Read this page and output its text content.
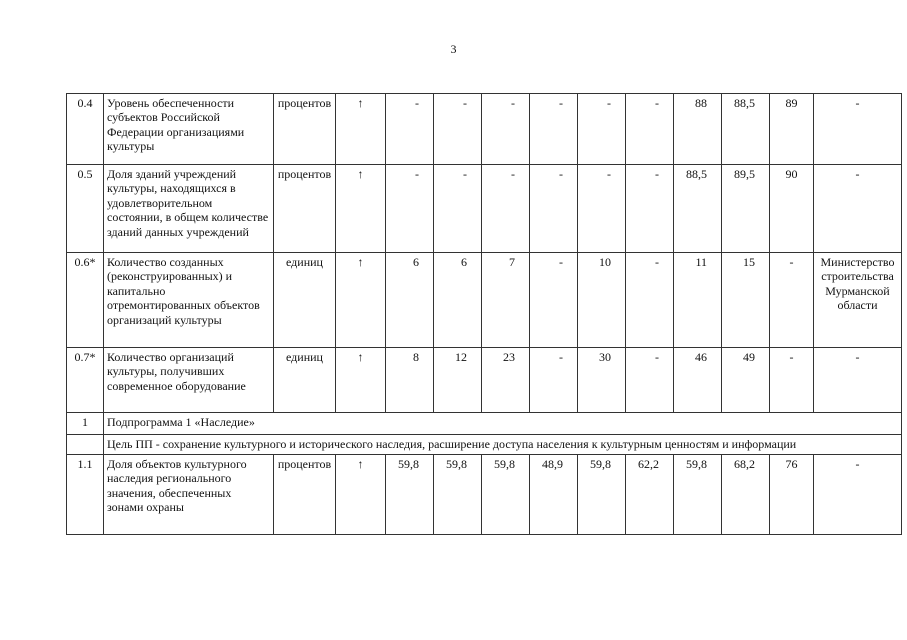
3
0.4	Уровень обеспеченности субъектов Российской Федерации организациями культуры	процентов	↑	-	-	-	-	-	-	88	88,5	89	-
0.5	Доля зданий учреждений культуры, находящихся в удовлетворительном состоянии, в общем количестве зданий данных учреждений	процентов	↑	-	-	-	-	-	-	88,5	89,5	90	-
0.6*	Количество созданных (реконструированных) и капитально отремонтированных объектов организаций культуры	единиц	↑	6	6	7	-	10	-	11	15	-	Министерство строительства Мурманской области
0.7*	Количество организаций культуры, получивших современное оборудование	единиц	↑	8	12	23	-	30	-	46	49	-	-
1	Подпрограмма 1 «Наследие»												
	Цель ПП - сохранение культурного и исторического наследия, расширение доступа населения к культурным ценностям и информации												
1.1	Доля объектов культурного наследия регионального значения, обеспеченных зонами охраны	процентов	↑	59,8	59,8	59,8	48,9	59,8	62,2	59,8	68,2	76	-
